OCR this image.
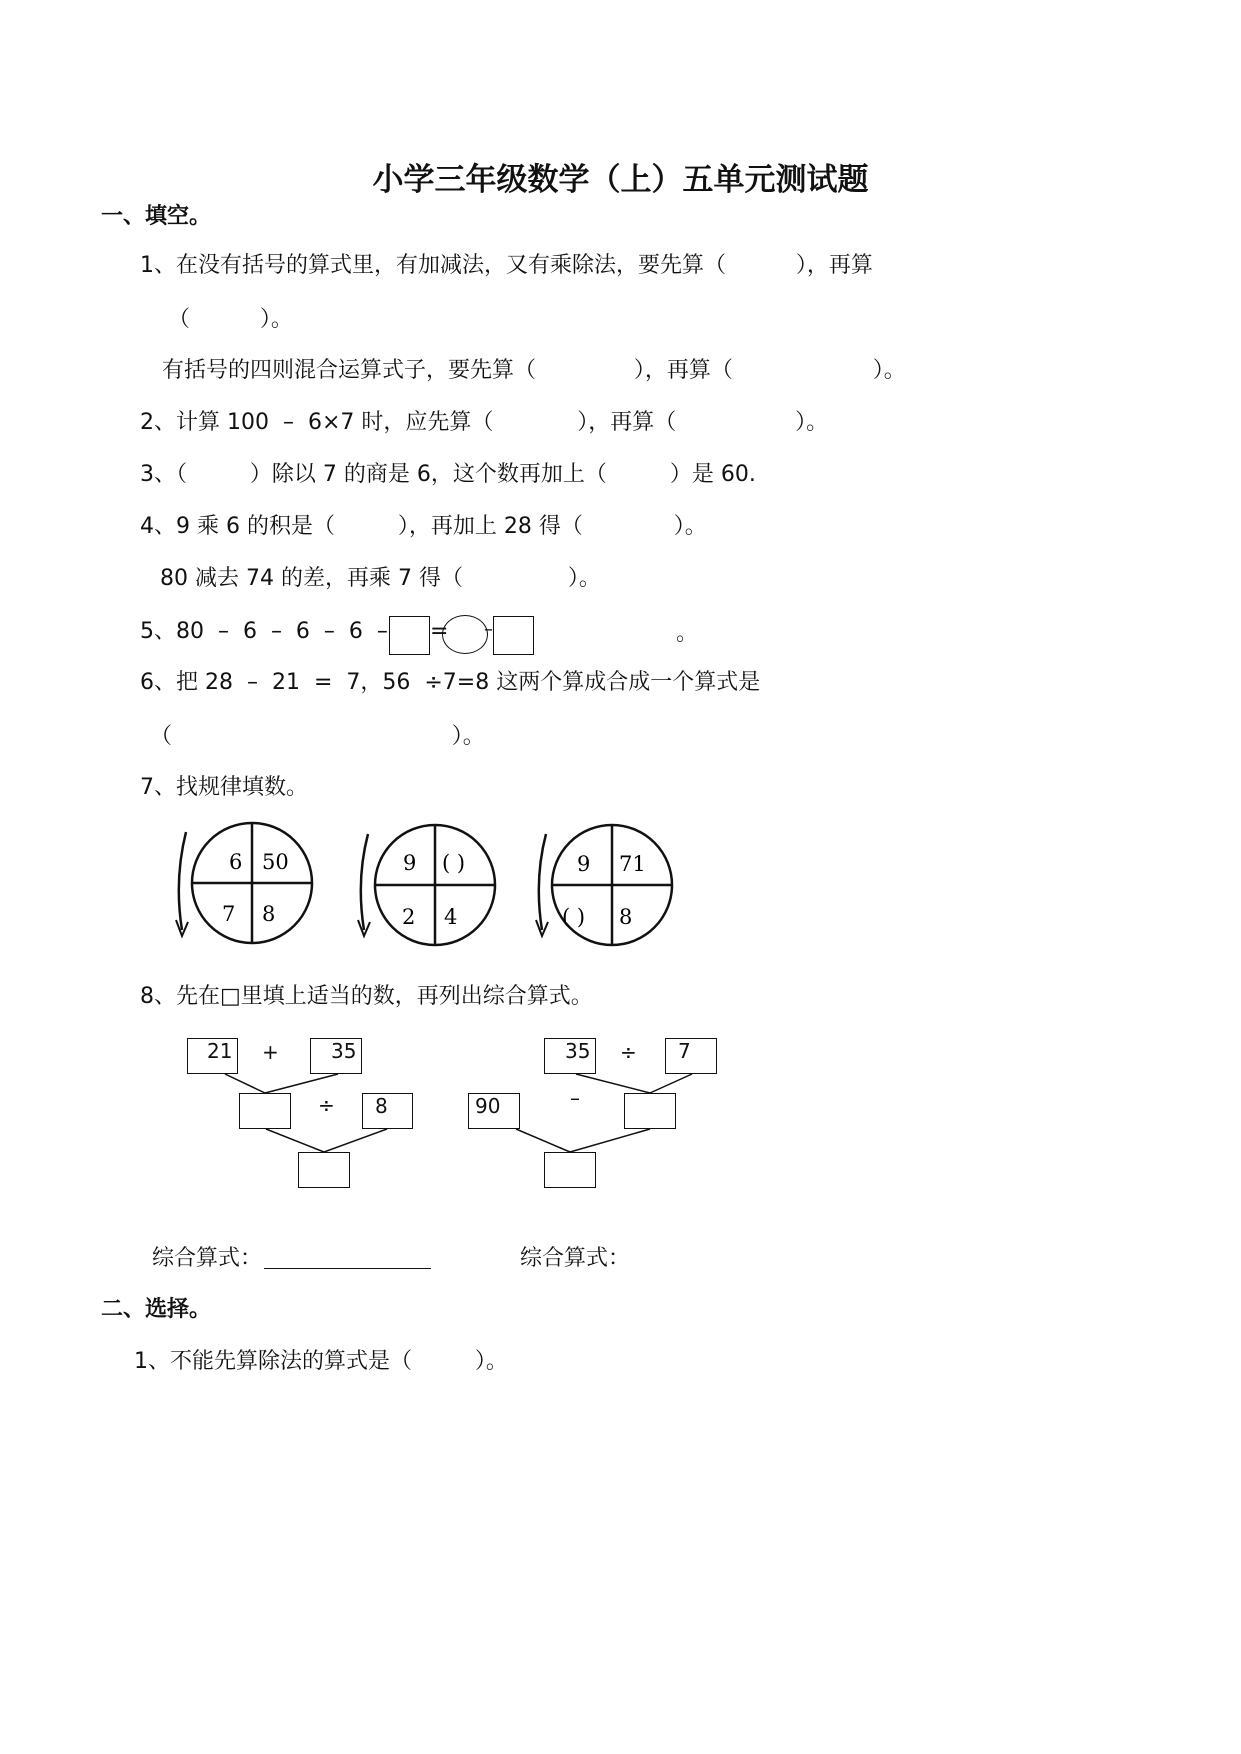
小学三年级数学（上）五单元测试题
一、填空。
1、在没有括号的算式里，有加减法，又有乘除法，要先算（          ），再算
（          ）。
有括号的四则混合运算式子，要先算（              ），再算（                    ）。
2、计算 100  –  6×7 时，应先算（            ），再算（                 ）。
3、（         ）除以 7 的商是 6，这个数再加上（         ）是 60.
4、9 乘 6 的积是（         ），再加上 28 得（             ）。
80 减去 74 的差，再乘 7 得（               ）。
5、80  –  6  –  6  –  6  – = –	。
6、把 28  –  21  =  7，56  ÷7=8 这两个算成合成一个算式是
（                                        ）。
7、找规律填数。
6 50
7 8
9 ( )
2 4
9 71
( ) 8
8、先在□里填上适当的数，再列出综合算式。
21 +	35
÷ 8
35 ÷ 7
90	–
综合算式：	综合算式：
二、选择。
1、不能先算除法的算式是（         ）。
